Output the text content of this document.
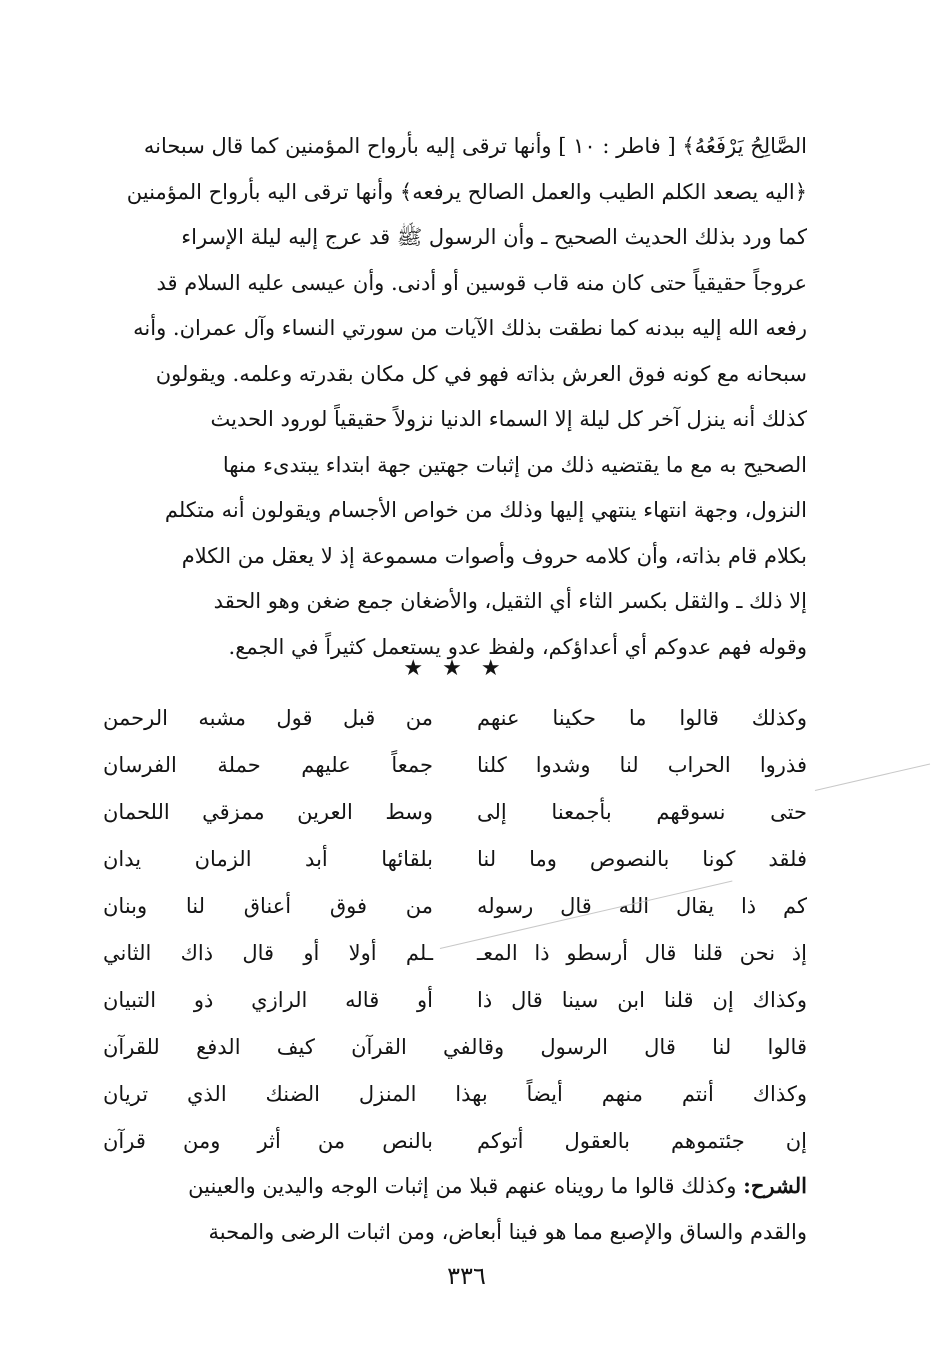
الصَّالِحُ يَرْفَعُهُ﴾ [ فاطر : ١٠ ] وأنها ترقى إليه بأرواح المؤمنين كما قال سبحانه

﴿اليه يصعد الكلم الطيب والعمل الصالح يرفعه﴾ وأنها ترقى اليه بأرواح المؤمنين

كما ورد بذلك الحديث الصحيح ـ وأن الرسول ﷺ قد عرج إليه ليلة الإسراء

عروجاً حقيقياً حتى كان منه قاب قوسين أو أدنى. وأن عيسى عليه السلام قد

رفعه الله إليه ببدنه كما نطقت بذلك الآيات من سورتي النساء وآل عمران. وأنه

سبحانه مع كونه فوق العرش بذاته فهو في كل مكان بقدرته وعلمه. ويقولون

كذلك أنه ينزل آخر كل ليلة إلا السماء الدنيا نزولاً حقيقياً لورود الحديث

الصحيح به مع ما يقتضيه ذلك من إثبات جهتين جهة ابتداء يبتدىء منها

النزول، وجهة انتهاء ينتهي إليها وذلك من خواص الأجسام ويقولون أنه متكلم

بكلام قام بذاته، وأن كلامه حروف وأصوات مسموعة إذ لا يعقل من الكلام

إلا ذلك ـ والثقل بكسر الثاء أي الثقيل، والأضغان جمع ضغن وهو الحقد

وقوله فهم عدوكم أي أعداؤكم، ولفظ عدو يستعمل كثيراً في الجمع.

★ ★ ★
وكذلك قالوا ما حكينا عنهم
من قبل قول مشبه الرحمن
فذروا الحراب لنا وشدوا كلنا
جمعاً عليهم حملة الفرسان
حتى نسوقهم بأجمعنا إلى
وسط العرين ممزقي اللحمان
فلقد كونا بالنصوص وما لنا
بلقائها أبد الزمان يدان
كم ذا يقال الله قال رسوله
من فوق أعناق لنا وبنان
إذ نحن قلنا قال أرسطو ذا المعـ
ـلم أولا أو قال ذاك الثاني
وكذاك إن قلنا ابن سينا قال ذا
أو قاله الرازي ذو التبيان
قالوا لنا قال الرسول وقالفي القرآن كيف الدفع للقرآن
وكذاك أنتم منهم أيضاً بهذا المنزل الضنك الذي تريان
إن جئتموهم بالعقول أتوكم
بالنص من أثر ومن قرآن
الشرح: وكذلك قالوا ما رويناه عنهم قبلا من إثبات الوجه واليدين والعينين
والقدم والساق والإصبع مما هو فينا أبعاض، ومن اثبات الرضى والمحبة
٣٣٦
